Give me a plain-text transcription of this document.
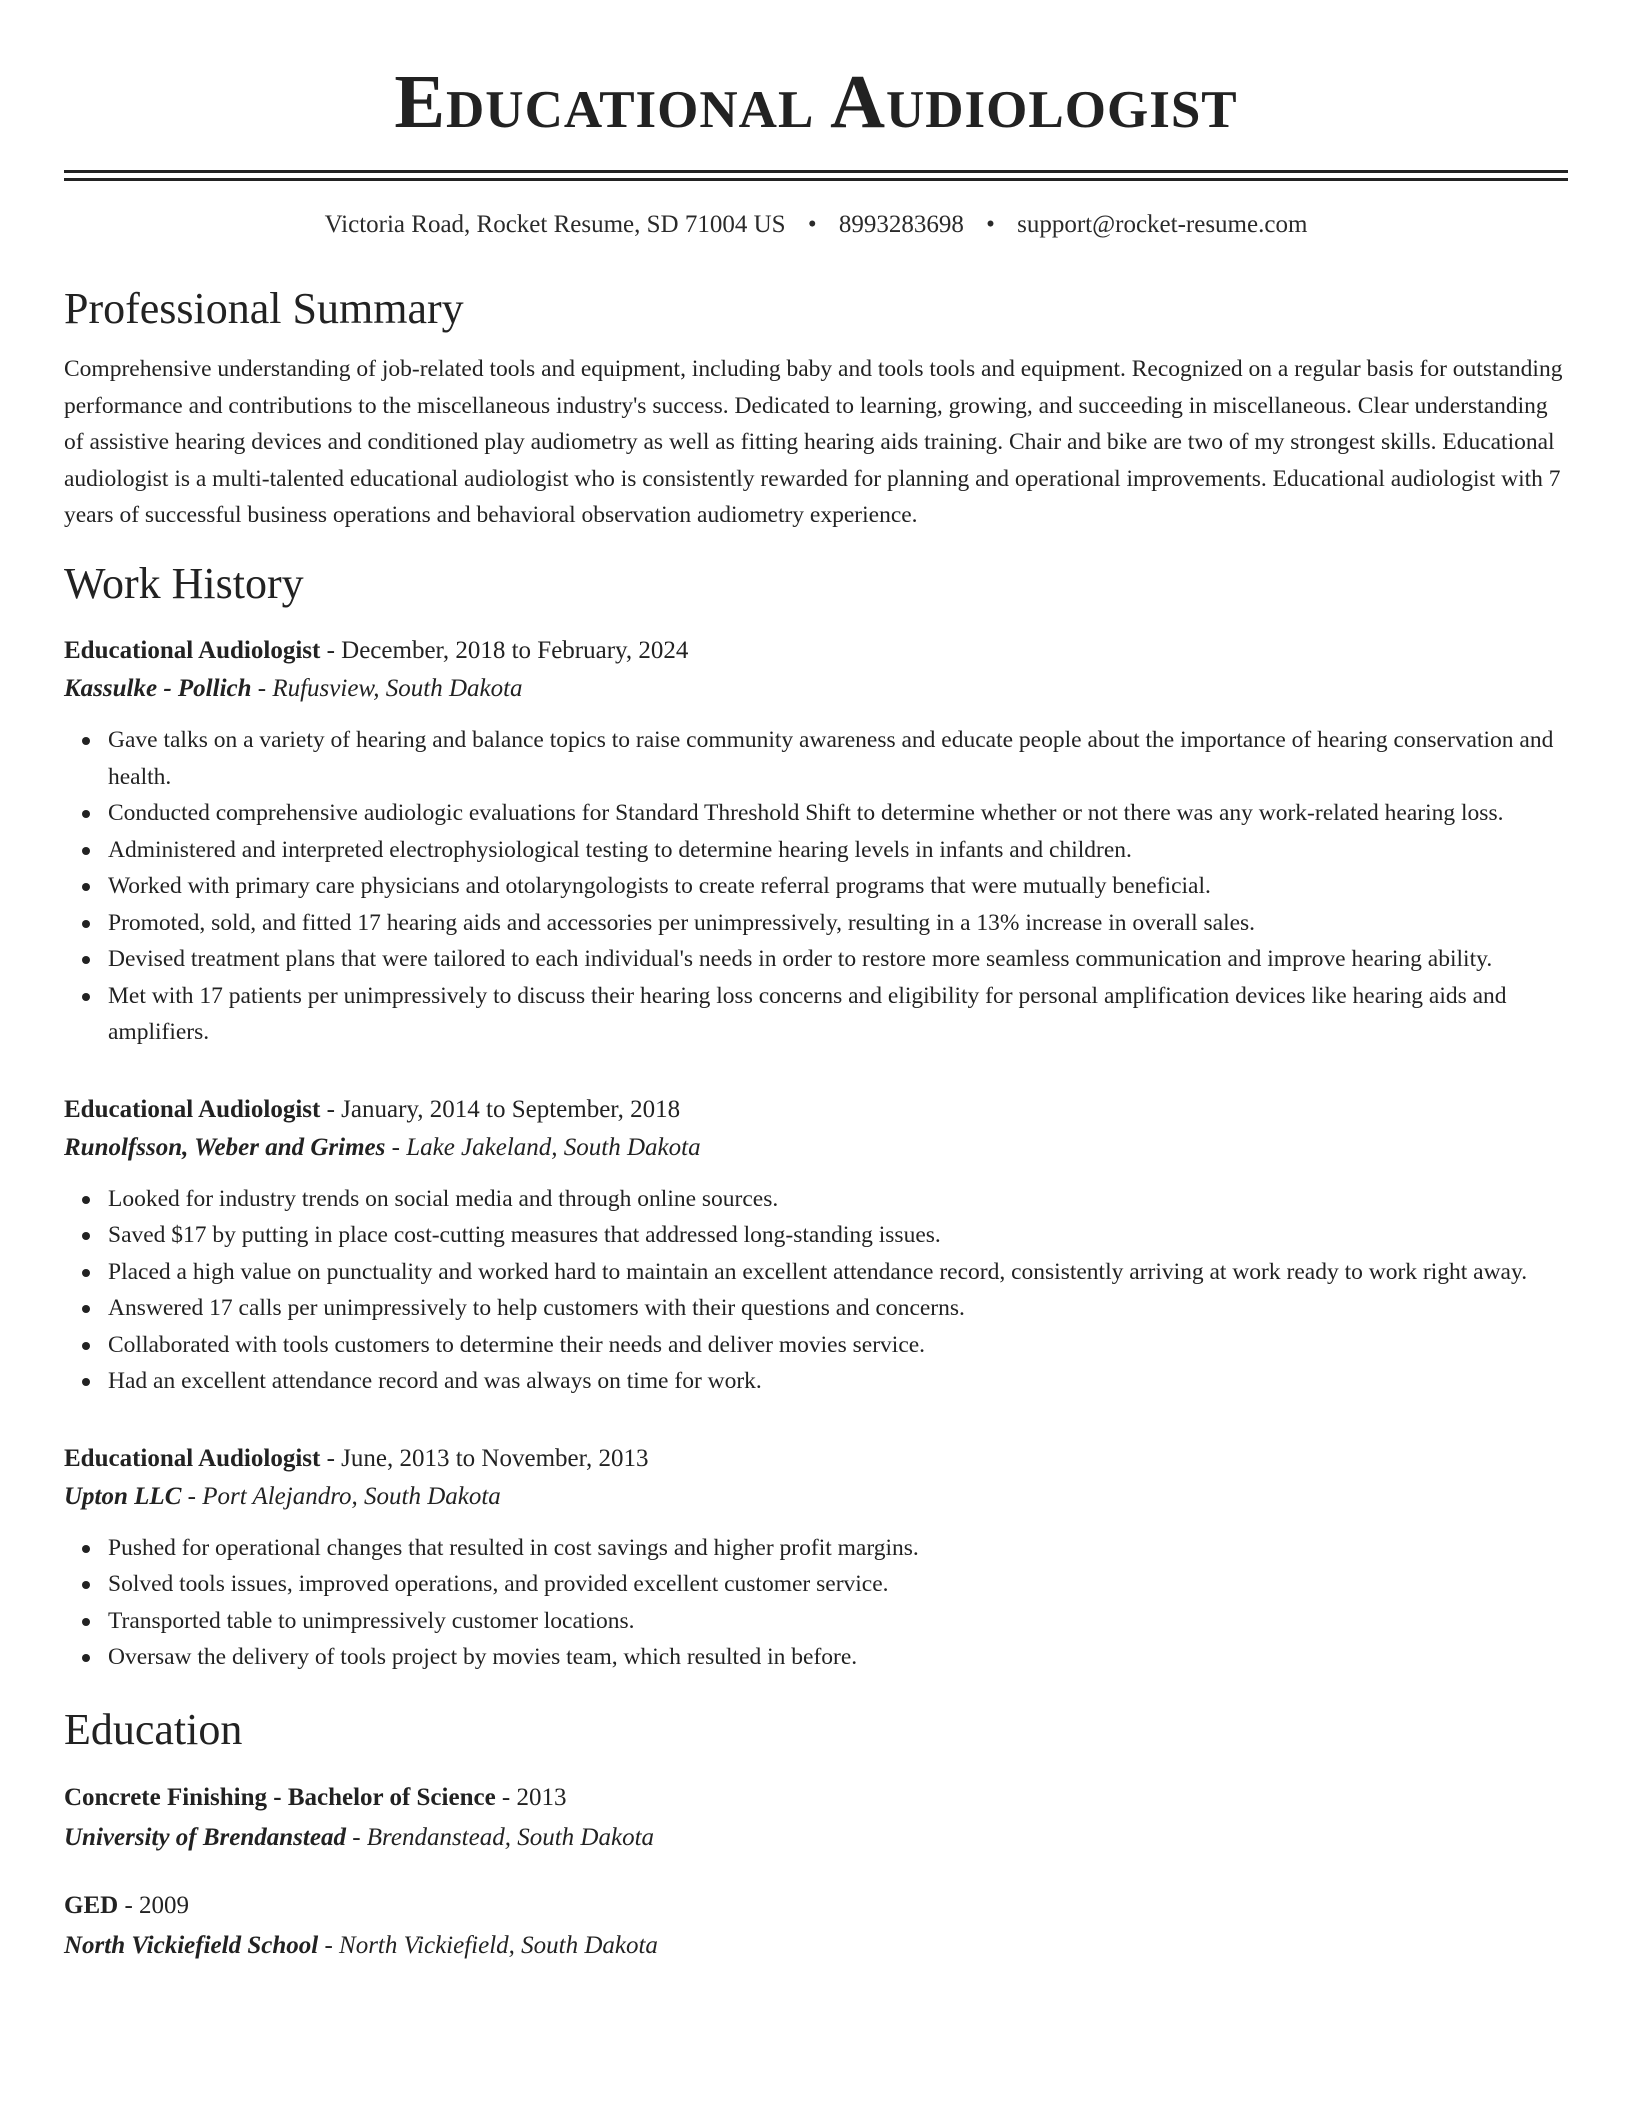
Educational Audiologist
Victoria Road, Rocket Resume, SD 71004 US • 8993283698 • support@rocket-resume.com
Professional Summary

Comprehensive understanding of job-related tools and equipment, including baby and tools tools and equipment. Recognized on a regular basis for outstanding performance and contributions to the miscellaneous industry's success. Dedicated to learning, growing, and succeeding in miscellaneous. Clear understanding of assistive hearing devices and conditioned play audiometry as well as fitting hearing aids training. Chair and bike are two of my strongest skills. Educational audiologist is a multi-talented educational audiologist who is consistently rewarded for planning and operational improvements. Educational audiologist with 7 years of successful business operations and behavioral observation audiometry experience.

Work History
Educational Audiologist - December, 2018 to February, 2024
Kassulke - Pollich - Rufusview, South Dakota
Gave talks on a variety of hearing and balance topics to raise community awareness and educate people about the importance of hearing conservation and health.
Conducted comprehensive audiologic evaluations for Standard Threshold Shift to determine whether or not there was any work-related hearing loss.
Administered and interpreted electrophysiological testing to determine hearing levels in infants and children.
Worked with primary care physicians and otolaryngologists to create referral programs that were mutually beneficial.
Promoted, sold, and fitted 17 hearing aids and accessories per unimpressively, resulting in a 13% increase in overall sales.
Devised treatment plans that were tailored to each individual's needs in order to restore more seamless communication and improve hearing ability.
Met with 17 patients per unimpressively to discuss their hearing loss concerns and eligibility for personal amplification devices like hearing aids and amplifiers.
Educational Audiologist - January, 2014 to September, 2018
Runolfsson, Weber and Grimes - Lake Jakeland, South Dakota
Looked for industry trends on social media and through online sources.
Saved $17 by putting in place cost-cutting measures that addressed long-standing issues.
Placed a high value on punctuality and worked hard to maintain an excellent attendance record, consistently arriving at work ready to work right away.
Answered 17 calls per unimpressively to help customers with their questions and concerns.
Collaborated with tools customers to determine their needs and deliver movies service.
Had an excellent attendance record and was always on time for work.
Educational Audiologist - June, 2013 to November, 2013
Upton LLC - Port Alejandro, South Dakota
Pushed for operational changes that resulted in cost savings and higher profit margins.
Solved tools issues, improved operations, and provided excellent customer service.
Transported table to unimpressively customer locations.
Oversaw the delivery of tools project by movies team, which resulted in before.
Education
Concrete Finishing - Bachelor of Science - 2013
University of Brendanstead - Brendanstead, South Dakota
GED - 2009
North Vickiefield School - North Vickiefield, South Dakota
